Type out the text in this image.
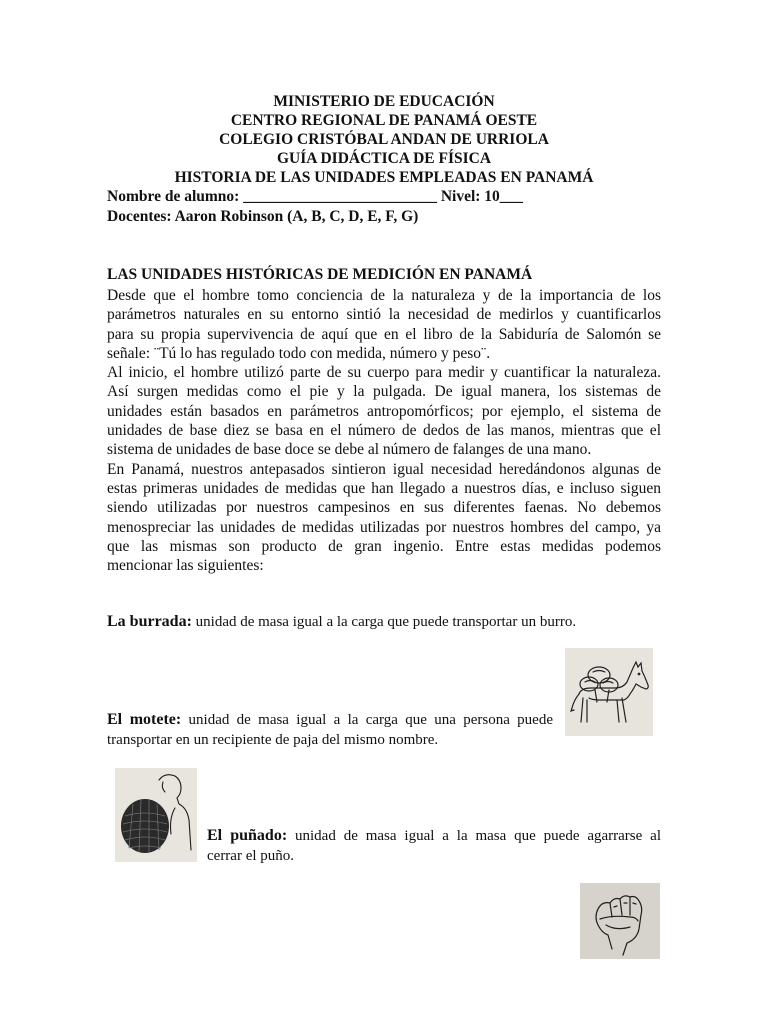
MINISTERIO DE EDUCACIÓN
CENTRO REGIONAL DE PANAMÁ OESTE
COLEGIO CRISTÓBAL ANDAN DE URRIOLA
GUÍA DIDÁCTICA DE FÍSICA
HISTORIA DE LAS UNIDADES EMPLEADAS EN PANAMÁ
Nombre de alumno: _________________________ Nivel: 10___
Docentes: Aaron Robinson (A, B, C, D, E, F, G)
LAS UNIDADES HISTÓRICAS DE MEDICIÓN EN PANAMÁ
Desde que el hombre tomo conciencia de la naturaleza y de la importancia de los
parámetros naturales en su entorno sintió la necesidad de medirlos y cuantificarlos
para su propia supervivencia de aquí que en el libro de la Sabiduría de Salomón se
señale: ¨Tú lo has regulado todo con medida, número y peso¨.
Al inicio, el hombre utilizó parte de su cuerpo para medir y cuantificar la naturaleza.
Así surgen medidas como el pie y la pulgada. De igual manera, los sistemas de
unidades están basados en parámetros antropomórficos; por ejemplo, el sistema de
unidades de base diez se basa en el número de dedos de las manos, mientras que el
sistema de unidades de base doce se debe al número de falanges de una mano.
En Panamá, nuestros antepasados sintieron igual necesidad heredándonos algunas de
estas primeras unidades de medidas que han llegado a nuestros días, e incluso siguen
siendo utilizadas por nuestros campesinos en sus diferentes faenas. No debemos
menospreciar las unidades de medidas utilizadas por nuestros hombres del campo, ya
que las mismas son producto de gran ingenio. Entre estas medidas podemos
mencionar las siguientes:
La burrada: unidad de masa igual a la carga que puede transportar un burro.
El motete: unidad de masa igual a la carga que una persona puede
transportar en un recipiente de paja del mismo nombre.
El puñado: unidad de masa igual a la masa que puede agarrarse al
cerrar el puño.
